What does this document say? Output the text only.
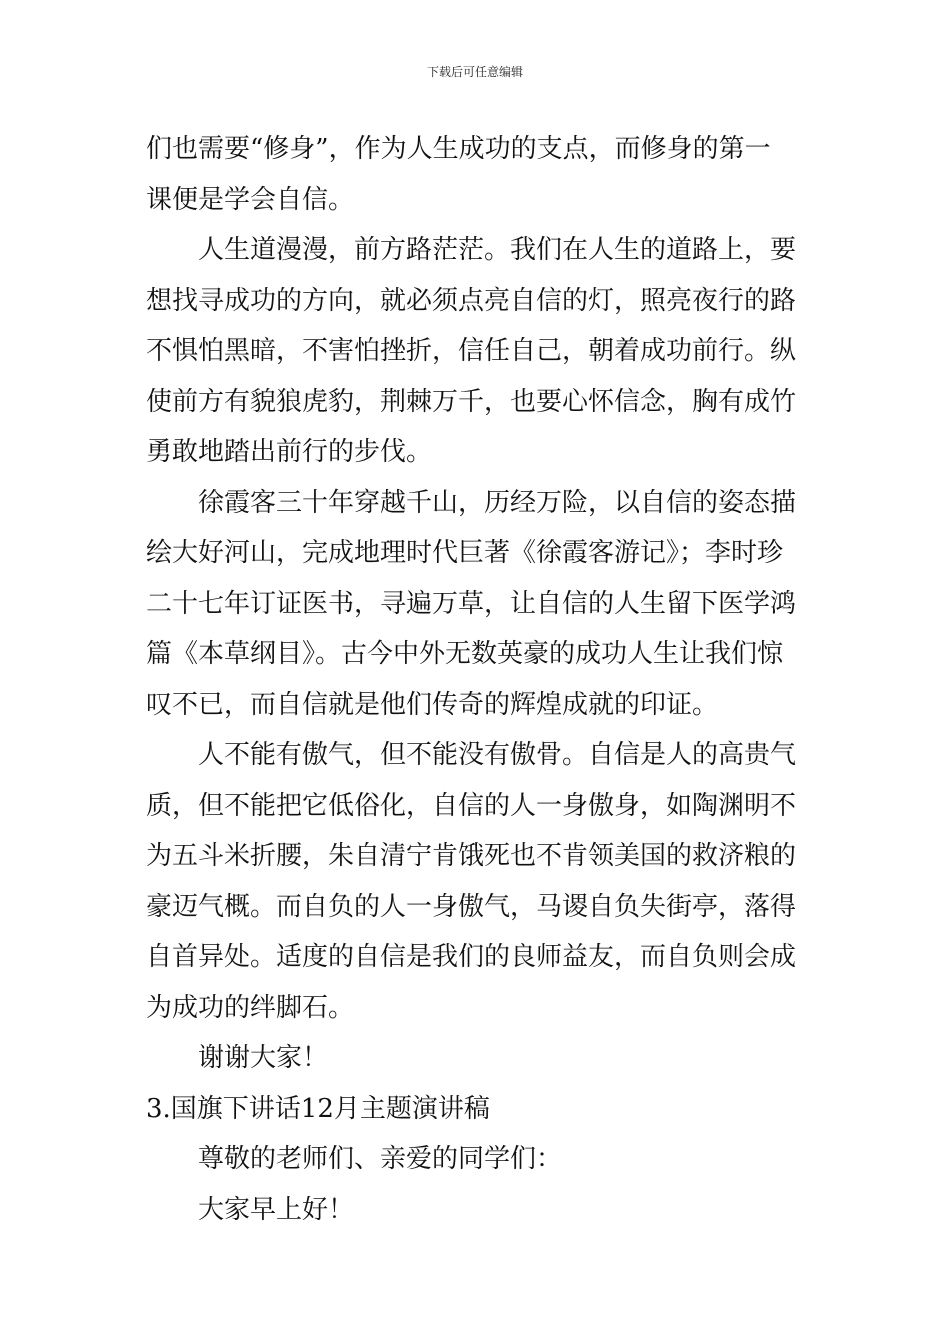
下载后可任意编辑
们也需要“修身”，作为人生成功的支点，而修身的第一
课便是学会自信。
人生道漫漫，前方路茫茫。我们在人生的道路上，要
想找寻成功的方向，就必须点亮自信的灯，照亮夜行的路
不惧怕黑暗，不害怕挫折，信任自己，朝着成功前行。纵
使前方有貌狼虎豹，荆棘万千，也要心怀信念，胸有成竹
勇敢地踏出前行的步伐。
徐霞客三十年穿越千山，历经万险，以自信的姿态描
绘大好河山，完成地理时代巨著《徐霞客游记》；李时珍
二十七年订证医书，寻遍万草，让自信的人生留下医学鸿
篇《本草纲目》。古今中外无数英豪的成功人生让我们惊
叹不已，而自信就是他们传奇的辉煌成就的印证。
人不能有傲气，但不能没有傲骨。自信是人的高贵气
质，但不能把它低俗化，自信的人一身傲身，如陶渊明不
为五斗米折腰，朱自清宁肯饿死也不肯领美国的救济粮的
豪迈气概。而自负的人一身傲气，马谡自负失街亭，落得
自首异处。适度的自信是我们的良师益友，而自负则会成
为成功的绊脚石。
谢谢大家！
3.国旗下讲话12月主题演讲稿
尊敬的老师们、亲爱的同学们：
大家早上好！
